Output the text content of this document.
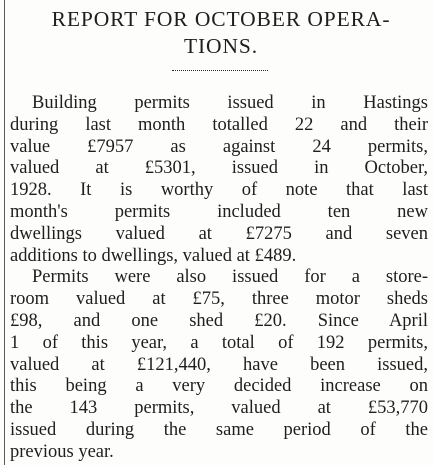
REPORT FOR OCTOBER OPERA-
TIONS.
Building permits issued in Hastings
during last month totalled 22 and their
value £7957 as against 24 permits,
valued at £5301, issued in October,
1928. It is worthy of note that last
month's permits included ten new
dwellings valued at £7275 and seven
additions to dwellings, valued at £489.
Permits were also issued for a store-
room valued at £75, three motor sheds
£98, and one shed £20. Since April
1 of this year, a total of 192 permits,
valued at £121,440, have been issued,
this being a very decided increase on
the 143 permits, valued at £53,770
issued during the same period of the
previous year.
